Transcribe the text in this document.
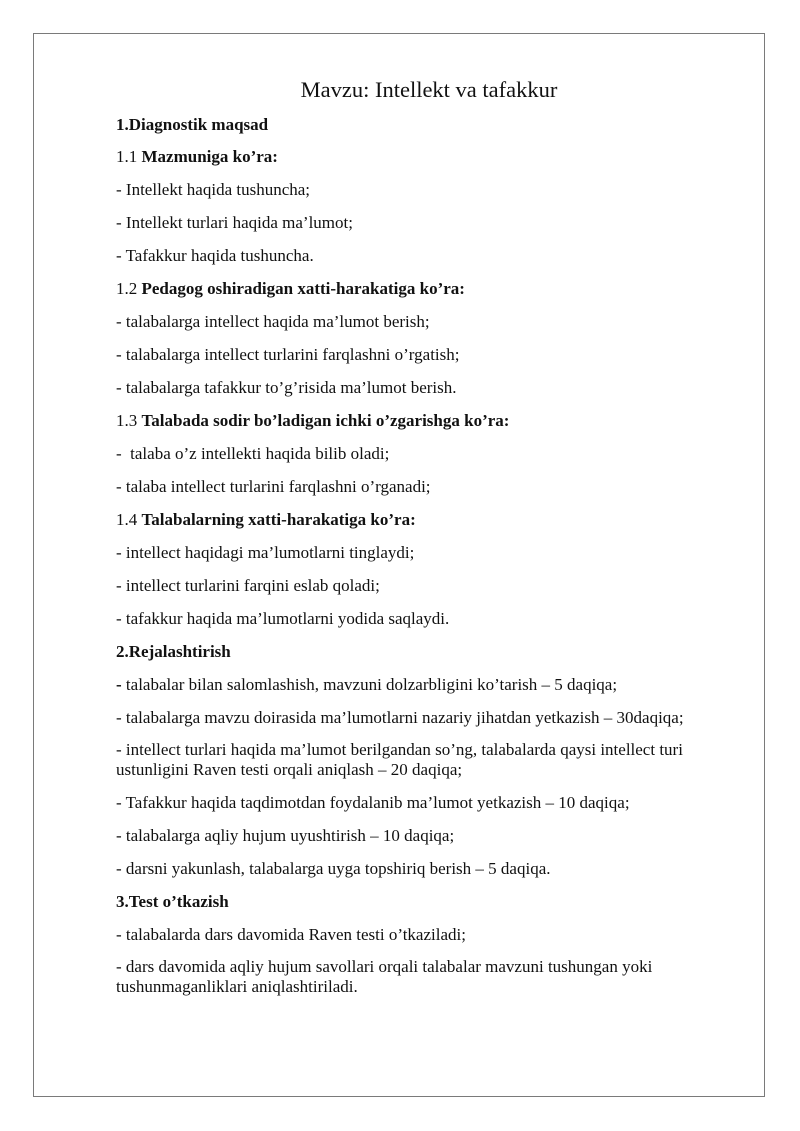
Mavzu: Intellekt va tafakkur

1.Diagnostik maqsad

1.1 Mazmuniga ko’ra:

- Intellekt haqida tushuncha;

- Intellekt turlari haqida ma’lumot;

- Tafakkur haqida tushuncha.

1.2 Pedagog oshiradigan xatti-harakatiga ko’ra:

- talabalarga intellect haqida ma’lumot berish;

- talabalarga intellect turlarini farqlashni o’rgatish;

- talabalarga tafakkur to’g’risida ma’lumot berish.

1.3 Talabada sodir bo’ladigan ichki o’zgarishga ko’ra:

-  talaba o’z intellekti haqida bilib oladi;

- talaba intellect turlarini farqlashni o’rganadi;

1.4 Talabalarning xatti-harakatiga ko’ra:

- intellect haqidagi ma’lumotlarni tinglaydi;

- intellect turlarini farqini eslab qoladi;

- tafakkur haqida ma’lumotlarni yodida saqlaydi.

2.Rejalashtirish

- talabalar bilan salomlashish, mavzuni dolzarbligini ko’tarish – 5 daqiqa;

- talabalarga mavzu doirasida ma’lumotlarni nazariy jihatdan yetkazish – 30daqiqa;

- intellect turlari haqida ma’lumot berilgandan so’ng, talabalarda qaysi intellect turi ustunligini Raven testi orqali aniqlash – 20 daqiqa;

- Tafakkur haqida taqdimotdan foydalanib ma’lumot yetkazish – 10 daqiqa;

- talabalarga aqliy hujum uyushtirish – 10 daqiqa;

- darsni yakunlash, talabalarga uyga topshiriq berish – 5 daqiqa.

3.Test o’tkazish

- talabalarda dars davomida Raven testi o’tkaziladi;

- dars davomida aqliy hujum savollari orqali talabalar mavzuni tushungan yoki tushunmaganliklari aniqlashtiriladi.
